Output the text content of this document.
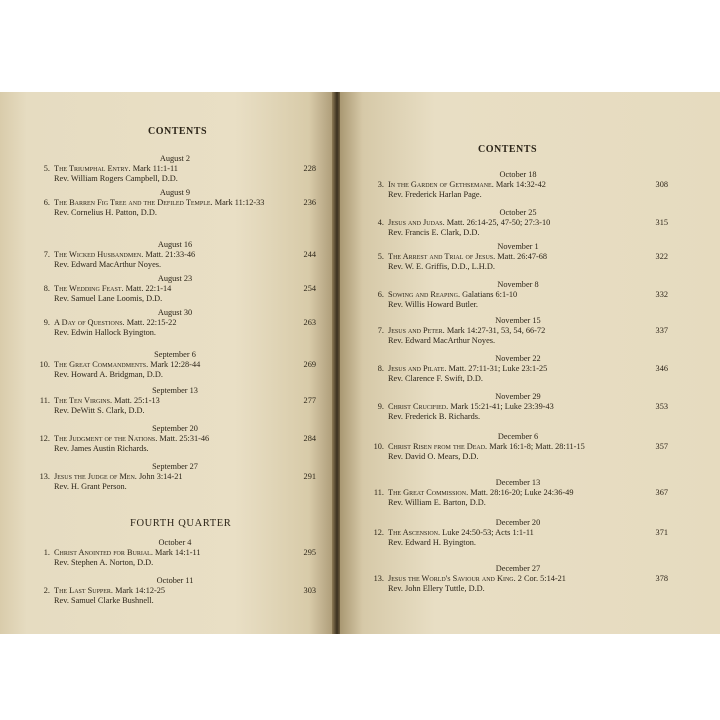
CONTENTS
FOURTH QUARTER
August 2
5. The Triumphal Entry. Mark 11:1-11
Rev. William Rogers Campbell, D.D.
228
August 9
6. The Barren Fig Tree and the Defiled Temple. Mark 11:12-33
Rev. Cornelius H. Patton, D.D.
236
August 16
7. The Wicked Husbandmen. Matt. 21:33-46
Rev. Edward MacArthur Noyes.
244
August 23
8. The Wedding Feast. Matt. 22:1-14
Rev. Samuel Lane Loomis, D.D.
254
August 30
9. A Day of Questions. Matt. 22:15-22
Rev. Edwin Hallock Byington.
263
September 6
10. The Great Commandments. Mark 12:28-44
Rev. Howard A. Bridgman, D.D.
269
September 13
11. The Ten Virgins. Matt. 25:1-13
Rev. DeWitt S. Clark, D.D.
277
September 20
12. The Judgment of the Nations. Matt. 25:31-46
Rev. James Austin Richards.
284
September 27
13. Jesus the Judge of Men. John 3:14-21
Rev. H. Grant Person.
291
October 4
1. Christ Anointed for Burial. Mark 14:1-11
Rev. Stephen A. Norton, D.D.
295
October 11
2. The Last Supper. Mark 14:12-25
Rev. Samuel Clarke Bushnell.
303
CONTENTS
October 18
3. In the Garden of Gethsemane. Mark 14:32-42
Rev. Frederick Harlan Page.
308
October 25
4. Jesus and Judas. Matt. 26:14-25, 47-50; 27:3-10
Rev. Francis E. Clark, D.D.
315
November 1
5. The Arrest and Trial of Jesus. Matt. 26:47-68
Rev. W. E. Griffis, D.D., L.H.D.
322
November 8
6. Sowing and Reaping. Galatians 6:1-10
Rev. Willis Howard Butler.
332
November 15
7. Jesus and Peter. Mark 14:27-31, 53, 54, 66-72
Rev. Edward MacArthur Noyes.
337
November 22
8. Jesus and Pilate. Matt. 27:11-31; Luke 23:1-25
Rev. Clarence F. Swift, D.D.
346
November 29
9. Christ Crucified. Mark 15:21-41; Luke 23:39-43
Rev. Frederick B. Richards.
353
December 6
10. Christ Risen from the Dead. Mark 16:1-8; Matt. 28:11-15
Rev. David O. Mears, D.D.
357
December 13
11. The Great Commission. Matt. 28:16-20; Luke 24:36-49
Rev. William E. Barton, D.D.
367
December 20
12. The Ascension. Luke 24:50-53; Acts 1:1-11
Rev. Edward H. Byington.
371
December 27
13. Jesus the World's Saviour and King. 2 Cor. 5:14-21
Rev. John Ellery Tuttle, D.D.
378
